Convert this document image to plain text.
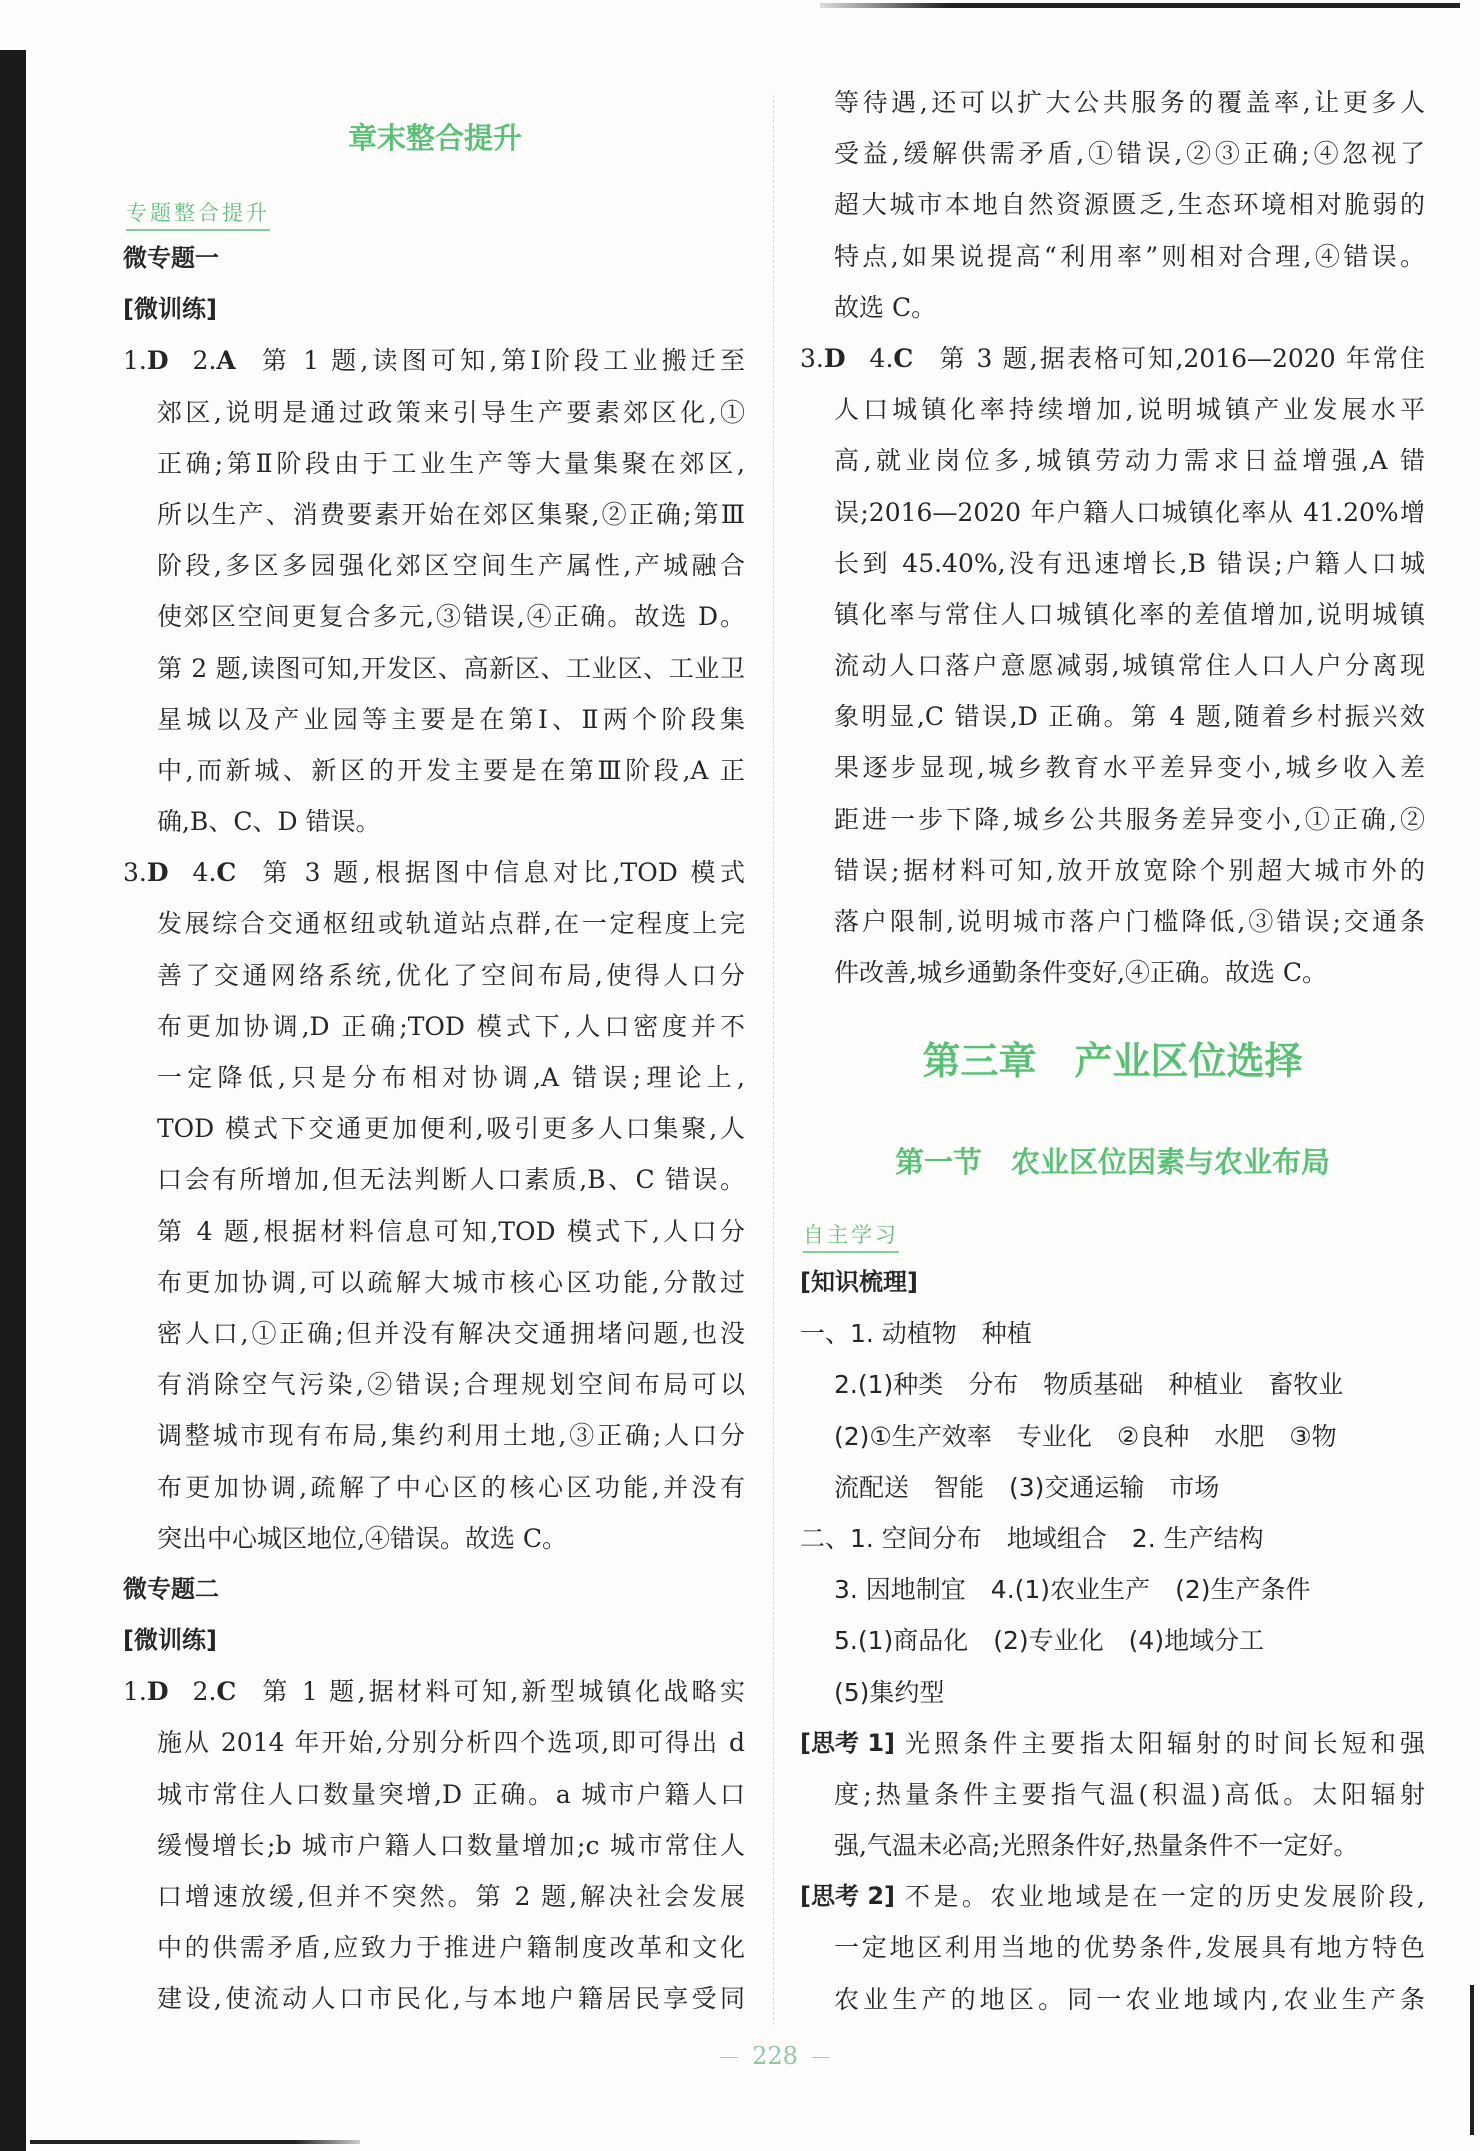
章末整合提升
专题整合提升
微专题一
[微训练]
1.D 2.A 第 1 题,读图可知,第Ⅰ阶段工业搬迁至
郊区,说明是通过政策来引导生产要素郊区化,①
正确;第Ⅱ阶段由于工业生产等大量集聚在郊区,
所以生产、消费要素开始在郊区集聚,②正确;第Ⅲ
阶段,多区多园强化郊区空间生产属性,产城融合
使郊区空间更复合多元,③错误,④正确。故选 D。
第 2 题,读图可知,开发区、高新区、工业区、工业卫
星城以及产业园等主要是在第Ⅰ、Ⅱ两个阶段集
中,而新城、新区的开发主要是在第Ⅲ阶段,A 正
确,B、C、D 错误。
3.D 4.C 第 3 题,根据图中信息对比,TOD 模式
发展综合交通枢纽或轨道站点群,在一定程度上完
善了交通网络系统,优化了空间布局,使得人口分
布更加协调,D 正确;TOD 模式下,人口密度并不
一定降低,只是分布相对协调,A 错误;理论上,
TOD 模式下交通更加便利,吸引更多人口集聚,人
口会有所增加,但无法判断人口素质,B、C 错误。
第 4 题,根据材料信息可知,TOD 模式下,人口分
布更加协调,可以疏解大城市核心区功能,分散过
密人口,①正确;但并没有解决交通拥堵问题,也没
有消除空气污染,②错误;合理规划空间布局可以
调整城市现有布局,集约利用土地,③正确;人口分
布更加协调,疏解了中心区的核心区功能,并没有
突出中心城区地位,④错误。故选 C。
微专题二
[微训练]
1.D 2.C 第 1 题,据材料可知,新型城镇化战略实
施从 2014 年开始,分别分析四个选项,即可得出 d
城市常住人口数量突增,D 正确。a 城市户籍人口
缓慢增长;b 城市户籍人口数量增加;c 城市常住人
口增速放缓,但并不突然。第 2 题,解决社会发展
中的供需矛盾,应致力于推进户籍制度改革和文化
建设,使流动人口市民化,与本地户籍居民享受同
等待遇,还可以扩大公共服务的覆盖率,让更多人
受益,缓解供需矛盾,①错误,②③正确;④忽视了
超大城市本地自然资源匮乏,生态环境相对脆弱的
特点,如果说提高“利用率”则相对合理,④错误。
故选 C。
3.D 4.C 第 3 题,据表格可知,2016—2020 年常住
人口城镇化率持续增加,说明城镇产业发展水平
高,就业岗位多,城镇劳动力需求日益增强,A 错
误;2016—2020 年户籍人口城镇化率从 41.20%增
长到 45.40%,没有迅速增长,B 错误;户籍人口城
镇化率与常住人口城镇化率的差值增加,说明城镇
流动人口落户意愿减弱,城镇常住人口人户分离现
象明显,C 错误,D 正确。第 4 题,随着乡村振兴效
果逐步显现,城乡教育水平差异变小,城乡收入差
距进一步下降,城乡公共服务差异变小,①正确,②
错误;据材料可知,放开放宽除个别超大城市外的
落户限制,说明城市落户门槛降低,③错误;交通条
件改善,城乡通勤条件变好,④正确。故选 C。
第三章　产业区位选择
第一节　农业区位因素与农业布局
自主学习
[知识梳理]
一、1. 动植物　种植
2.(1)种类　分布　物质基础　种植业　畜牧业
(2)①生产效率　专业化　②良种　水肥　③物
流配送　智能　(3)交通运输　市场
二、1. 空间分布　地域组合　2. 生产结构
3. 因地制宜　4.(1)农业生产　(2)生产条件
5.(1)商品化　(2)专业化　(4)地域分工
(5)集约型
[思考 1] 光照条件主要指太阳辐射的时间长短和强
度;热量条件主要指气温(积温)高低。太阳辐射
强,气温未必高;光照条件好,热量条件不一定好。
[思考 2] 不是。农业地域是在一定的历史发展阶段,
一定地区利用当地的优势条件,发展具有地方特色
农业生产的地区。同一农业地域内,农业生产条
228
